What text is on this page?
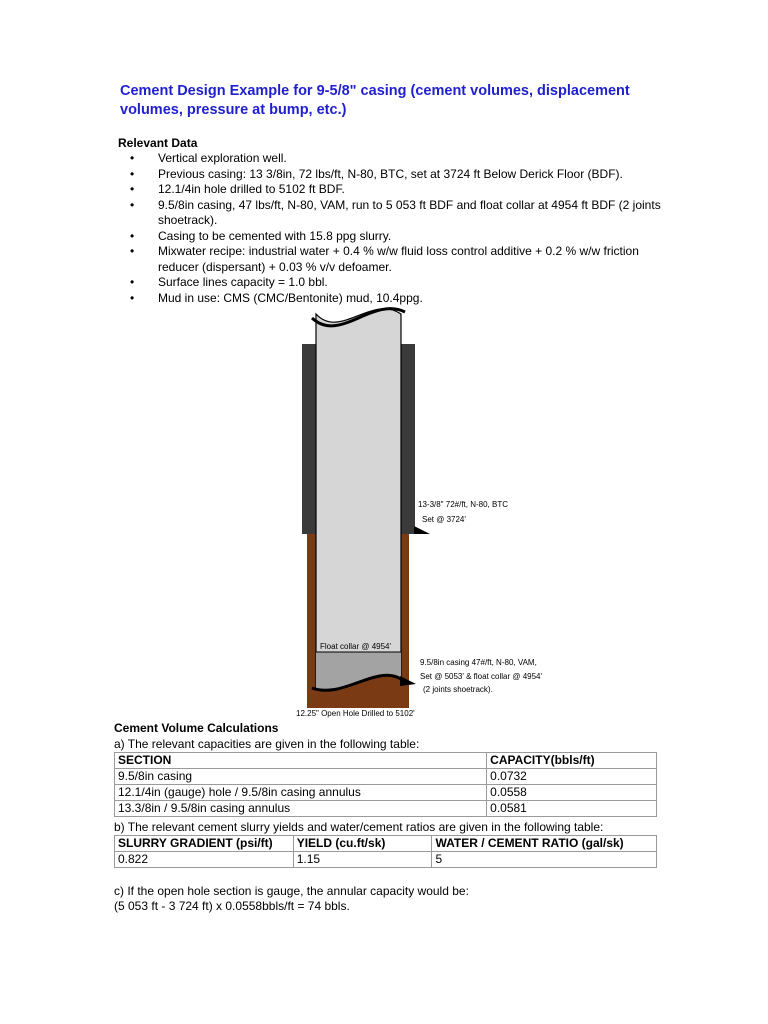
Cement Design Example for 9-5/8" casing (cement volumes, displacement volumes, pressure at bump, etc.)
Relevant Data
• Vertical exploration well.
• Previous casing: 13 3/8in, 72 lbs/ft, N-80, BTC, set at 3724 ft Below Derick Floor (BDF).
• 12.1/4in hole drilled to 5102 ft BDF.
• 9.5/8in casing, 47 lbs/ft, N-80, VAM, run to 5 053 ft BDF and float collar at 4954 ft BDF (2 joints shoetrack).
• Casing to be cemented with 15.8 ppg slurry.
• Mixwater recipe: industrial water + 0.4 % w/w fluid loss control additive + 0.2 % w/w friction reducer (dispersant) + 0.03 % v/v defoamer.
• Surface lines capacity = 1.0 bbl.
• Mud in use: CMS (CMC/Bentonite) mud, 10.4ppg.
13-3/8" 72#/ft, N-80, BTC
Set @ 3724'
Float collar @ 4954'
9.5/8in casing 47#/ft, N-80, VAM,
Set @ 5053' & float collar @ 4954'
(2 joints shoetrack).
12.25" Open Hole Drilled to 5102'
Cement Volume Calculations
a) The relevant capacities are given in the following table:
SECTION	CAPACITY(bbls/ft)
9.5/8in casing	0.0732
12.1/4in (gauge) hole / 9.5/8in casing annulus	0.0558
13.3/8in / 9.5/8in casing annulus	0.0581
b) The relevant cement slurry yields and water/cement ratios are given in the following table:
SLURRY GRADIENT (psi/ft)	YIELD (cu.ft/sk)	WATER / CEMENT RATIO (gal/sk)
0.822	1.15	5
c) If the open hole section is gauge, the annular capacity would be:
(5 053 ft - 3 724 ft) x 0.0558bbls/ft = 74 bbls.
